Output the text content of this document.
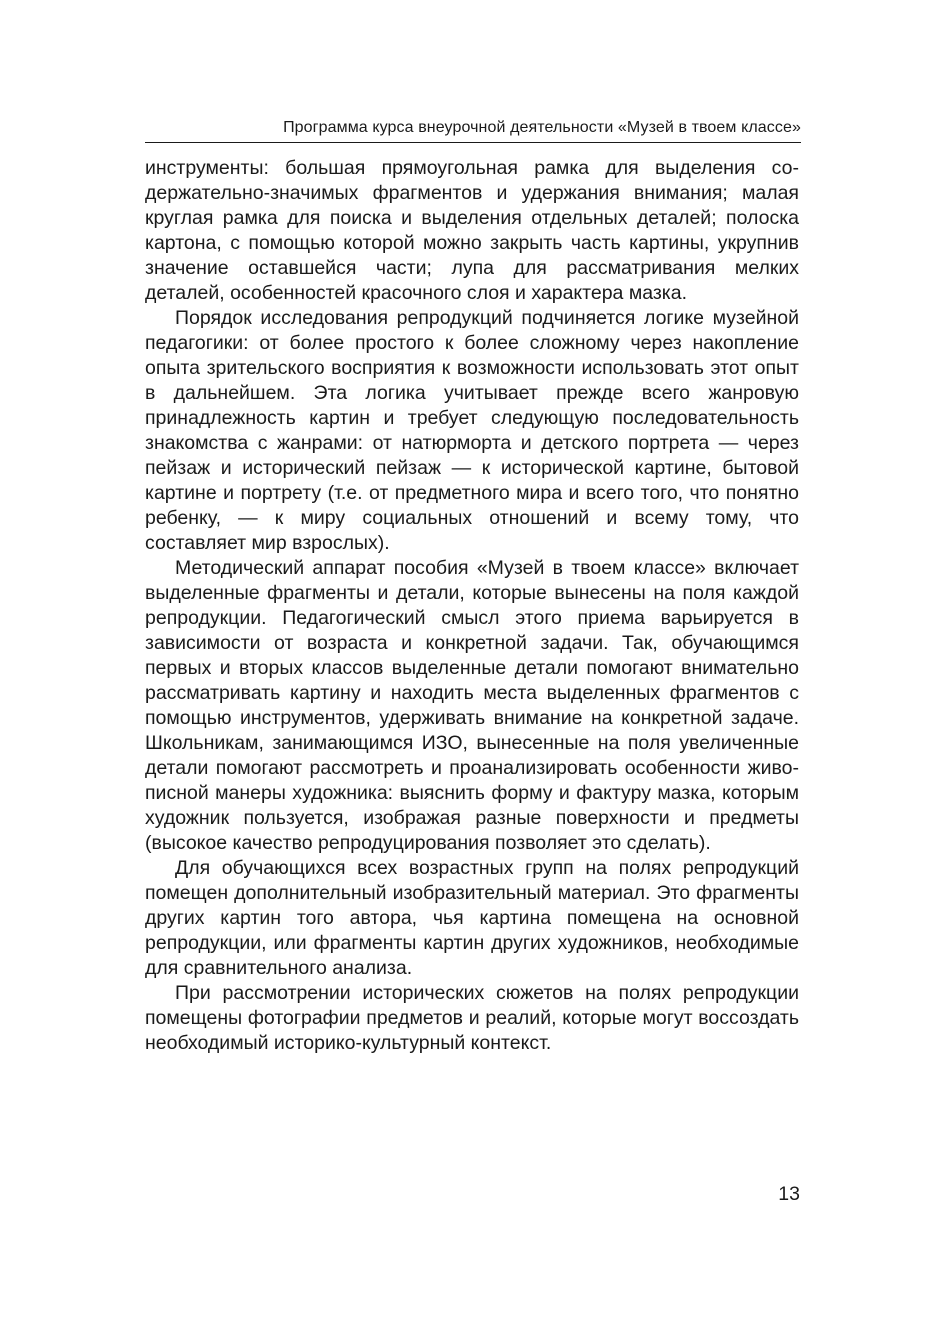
Программа курса внеурочной деятельности «Музей в твоем классе»

инструменты: большая прямоугольная рамка для выделения содержательно-значимых фрагментов и удержания внимания; малая круглая рамка для поиска и выделения отдельных деталей; полоска картона, с помощью которой можно закрыть часть картины, укрупнив значение оставшейся части; лупа для рассматривания мелких деталей, особенностей красочного слоя и характера мазка.

Порядок исследования репродукций подчиняется логике музейной педагогики: от более простого к более сложному через накопление опыта зрительского восприятия к возможности использовать этот опыт в дальнейшем. Эта логика учитывает прежде всего жанровую принадлежность картин и требует следующую последовательность знакомства с жанрами: от натюрморта и детского портрета — через пейзаж и исторический пейзаж — к исторической картине, бытовой картине и портрету (т.е. от предметного мира и всего того, что понятно ребенку, — к миру социальных отношений и всему тому, что составляет мир взрослых).

Методический аппарат пособия «Музей в твоем классе» включает выделенные фрагменты и детали, которые вынесены на поля каждой репродукции. Педагогический смысл этого приема варьируется в зависимости от возраста и конкретной задачи. Так, обучающимся первых и вторых классов выделенные детали помогают внимательно рассматривать картину и находить места выделенных фрагментов с помощью инструментов, удерживать внимание на конкретной задаче. Школьникам, занимающимся ИЗО, вынесенные на поля увеличенные детали помогают рассмотреть и проанализировать особенности живописной манеры художника: выяснить форму и фактуру мазка, которым художник пользуется, изображая разные поверхности и предметы (высокое качество репродуцирования позволяет это сделать).

Для обучающихся всех возрастных групп на полях репродукций помещен дополнительный изобразительный материал. Это фрагменты других картин того автора, чья картина помещена на основной репродукции, или фрагменты картин других художников, необходимые для сравнительного анализа.

При рассмотрении исторических сюжетов на полях репродукции помещены фотографии предметов и реалий, которые могут воссоздать необходимый историко-культурный контекст.

13
